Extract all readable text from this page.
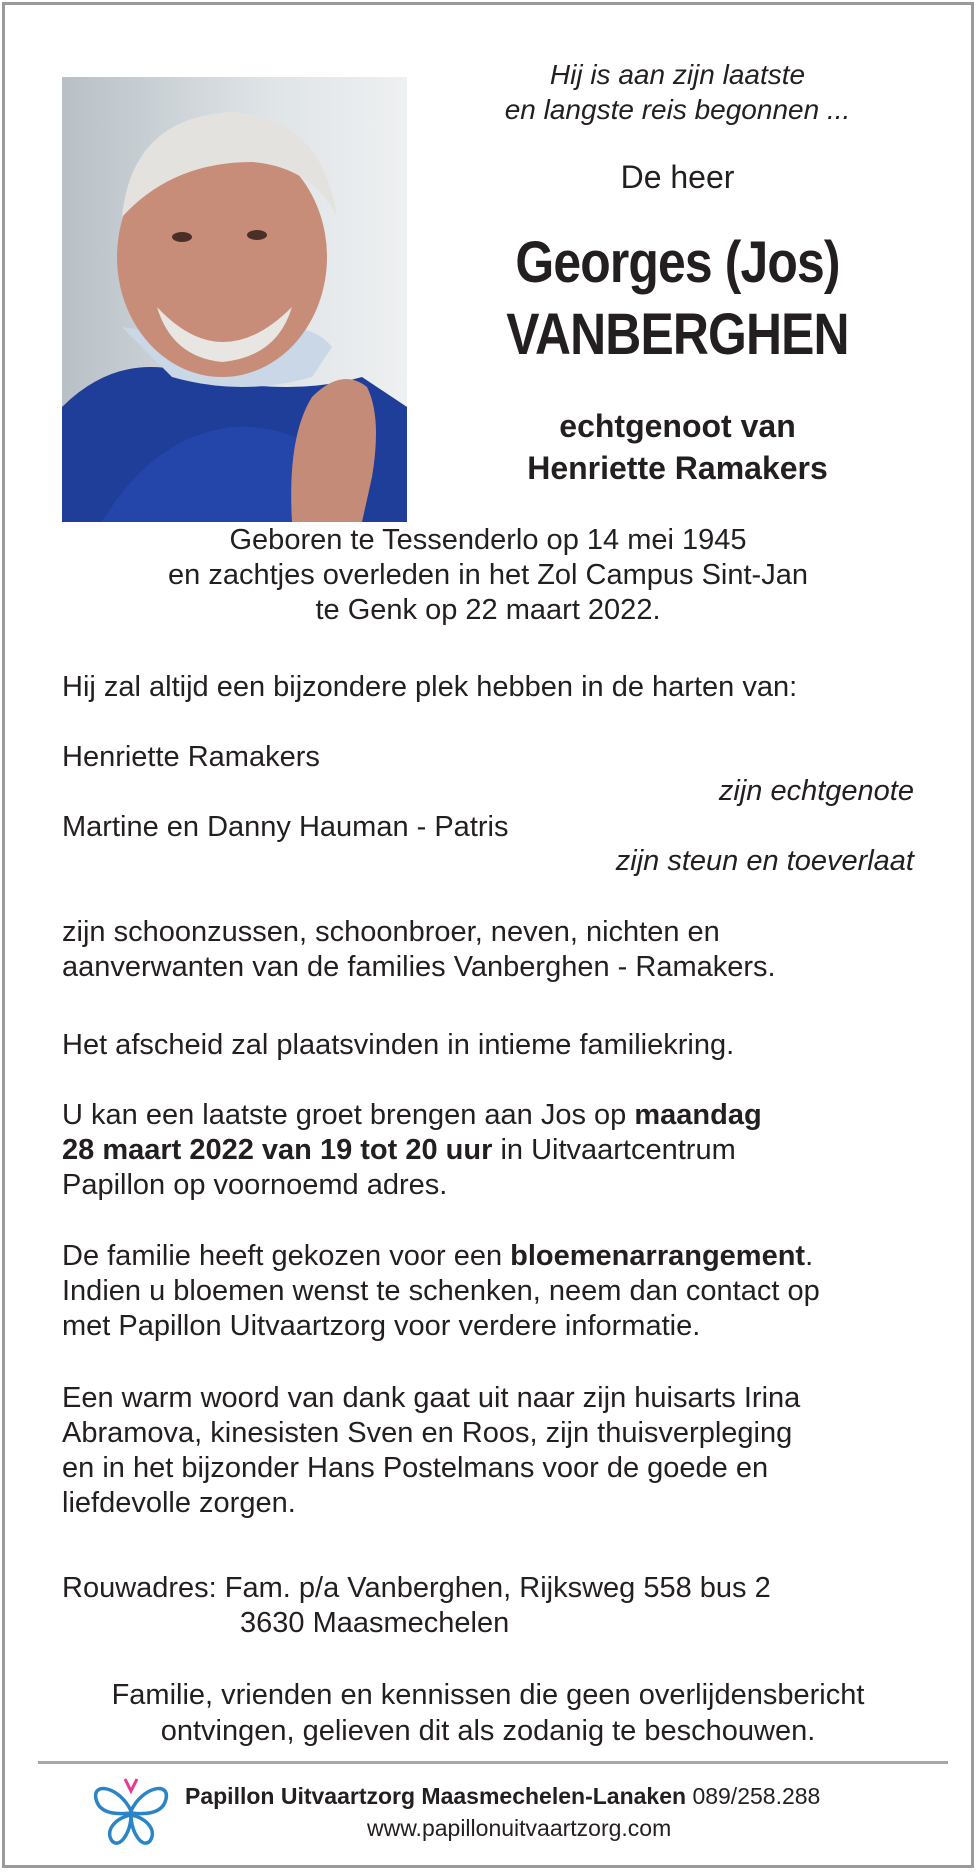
Hij is aan zijn laatste
en langste reis begonnen ...
De heer
Georges (Jos)
VANBERGHEN
echtgenoot van
Henriette Ramakers
Geboren te Tessenderlo op 14 mei 1945
en zachtjes overleden in het Zol Campus Sint-Jan
te Genk op 22 maart 2022.
Hij zal altijd een bijzondere plek hebben in de harten van:
Henriette Ramakers
zijn echtgenote
Martine en Danny Hauman - Patris
zijn steun en toeverlaat
zijn schoonzussen, schoonbroer, neven, nichten en
aanverwanten van de families Vanberghen - Ramakers.
Het afscheid zal plaatsvinden in intieme familiekring.
U kan een laatste groet brengen aan Jos op maandag
28 maart 2022 van 19 tot 20 uur in Uitvaartcentrum
Papillon op voornoemd adres.
De familie heeft gekozen voor een bloemenarrangement.
Indien u bloemen wenst te schenken, neem dan contact op
met Papillon Uitvaartzorg voor verdere informatie.
Een warm woord van dank gaat uit naar zijn huisarts Irina
Abramova, kinesisten Sven en Roos, zijn thuisverpleging
en in het bijzonder Hans Postelmans voor de goede en
liefdevolle zorgen.
Rouwadres: Fam. p/a Vanberghen, Rijksweg 558 bus 2
3630 Maasmechelen
Familie, vrienden en kennissen die geen overlijdensbericht
ontvingen, gelieven dit als zodanig te beschouwen.
Papillon Uitvaartzorg Maasmechelen-Lanaken 089/258.288
www.papillonuitvaartzorg.com
